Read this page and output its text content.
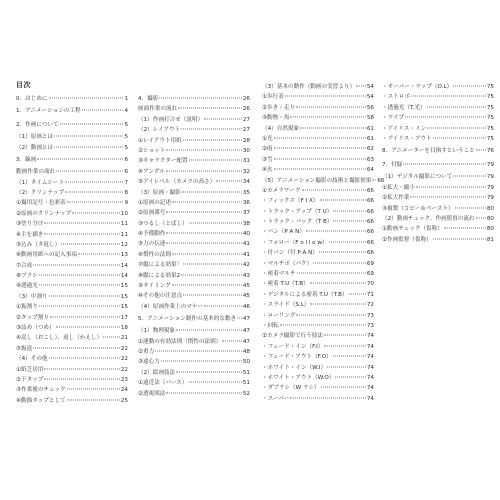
目次
0．はじめに	1
1．アニメーションの工程	4
2．作画について	5
（1）原画とは	5
（2）動画とは	5
3．線画	6
動画作業の流れ	6
（1）タイムシート	7
（2）クリンナップ	8
①撮用記号・色彩表	9
②原画のクリンナップ	10
③塗り分け	11
④主を描き	11
⑤込み（タ返し）	12
⑥動画用紙への記入事項	13
⑦合成	14
⑧ブラシ	14
⑨透過光	15
（3）中割り	15
①振割り	15
②タップ割り	17
③詰め（つめ）	18
④戻し（おこし）、返し（かえし）	21
⑤振返	22
（4）その他	22
①紙芝居用	22
②下タップ	23
③作業後のチェック	24
④動描タップとして	25
4．撮影	26
画面作業の流れ	26
（1）作画打合せ（説明）	27
（2）レイアウト	27
①レイアウト用紙	28
②ショット	30
③キャラクター配置	31
④アングル	32
⑤アイレベル（カメラの高さ）	34
（3）原画・撮影	35
①原画の記述	36
②原画番号	37
③つるし（とばし）	38
④予備動作	40
⑤力の伝達	41
⑥慣性の法則	41
⑦縦による効果！	42
⑧縦による効果2	43
⑨タイミング	45
⑩その他の注意点	45
（4）原画作業上のマナー	46
5．アニメーション制作の基本的な動き 47
（1）物理現象	47
①運動の有効法則（慣性の法則）	47
②重力	48
③遠心力	50
（2）絵画技法	51
①遠近法（パース）	51
②透視図法	52
（3）基本の動作（動画の実習より） 54
①歩行表	54
②歩き・走り	56
③動物・馬	58
（4）自然現象	61
①光	61
②雨	62
③雪	63
④火	64
（5）アニメーション撮影の技術と撮影効果 66
①カメラワーク	66
・フィックス（F I X）	66
・トラック・アップ（T U）	66
・トラック・バック（T B）	66
・パン（P A N）	66
・フォロー（F o l l o w）	66
・付パン（付 P A N）	66
・マルチポ（パク）	69
・密着マルチ	69
・密着 T.U（T.B）	70
・デジタルによる密着 T.U（T.B）	71
・スライド（S.L）	72
・ローリング	73
・回転	73
②カメラ撮影で行う技法	74
・フェード・イン（F.I）	74
・フェード・アウト（F.O）	74
・ホワイト・イン（W.I）	74
・ホワイト・アウト（W.O）	74
・ダブラシ（W ラシ）	74
・スーパー	74
・オーバー・ラップ（O.L）	75
・ストロボ	75
・透過光（T.光）	75
・ワイプ	75
・アイリス・イン	75
・アイリス・アウト	75
8．アニメーターを目指すということ 76
7．付録	79
（1）デジタル撮影について	79
①拡大・縮小	79
②拡大作業	79
③複製（コピー＆ペースト）	80
（2）動画チェック、作画監督の流れ 80
①動画チェック（仮称）	80
②作画監督（仮称）	81
